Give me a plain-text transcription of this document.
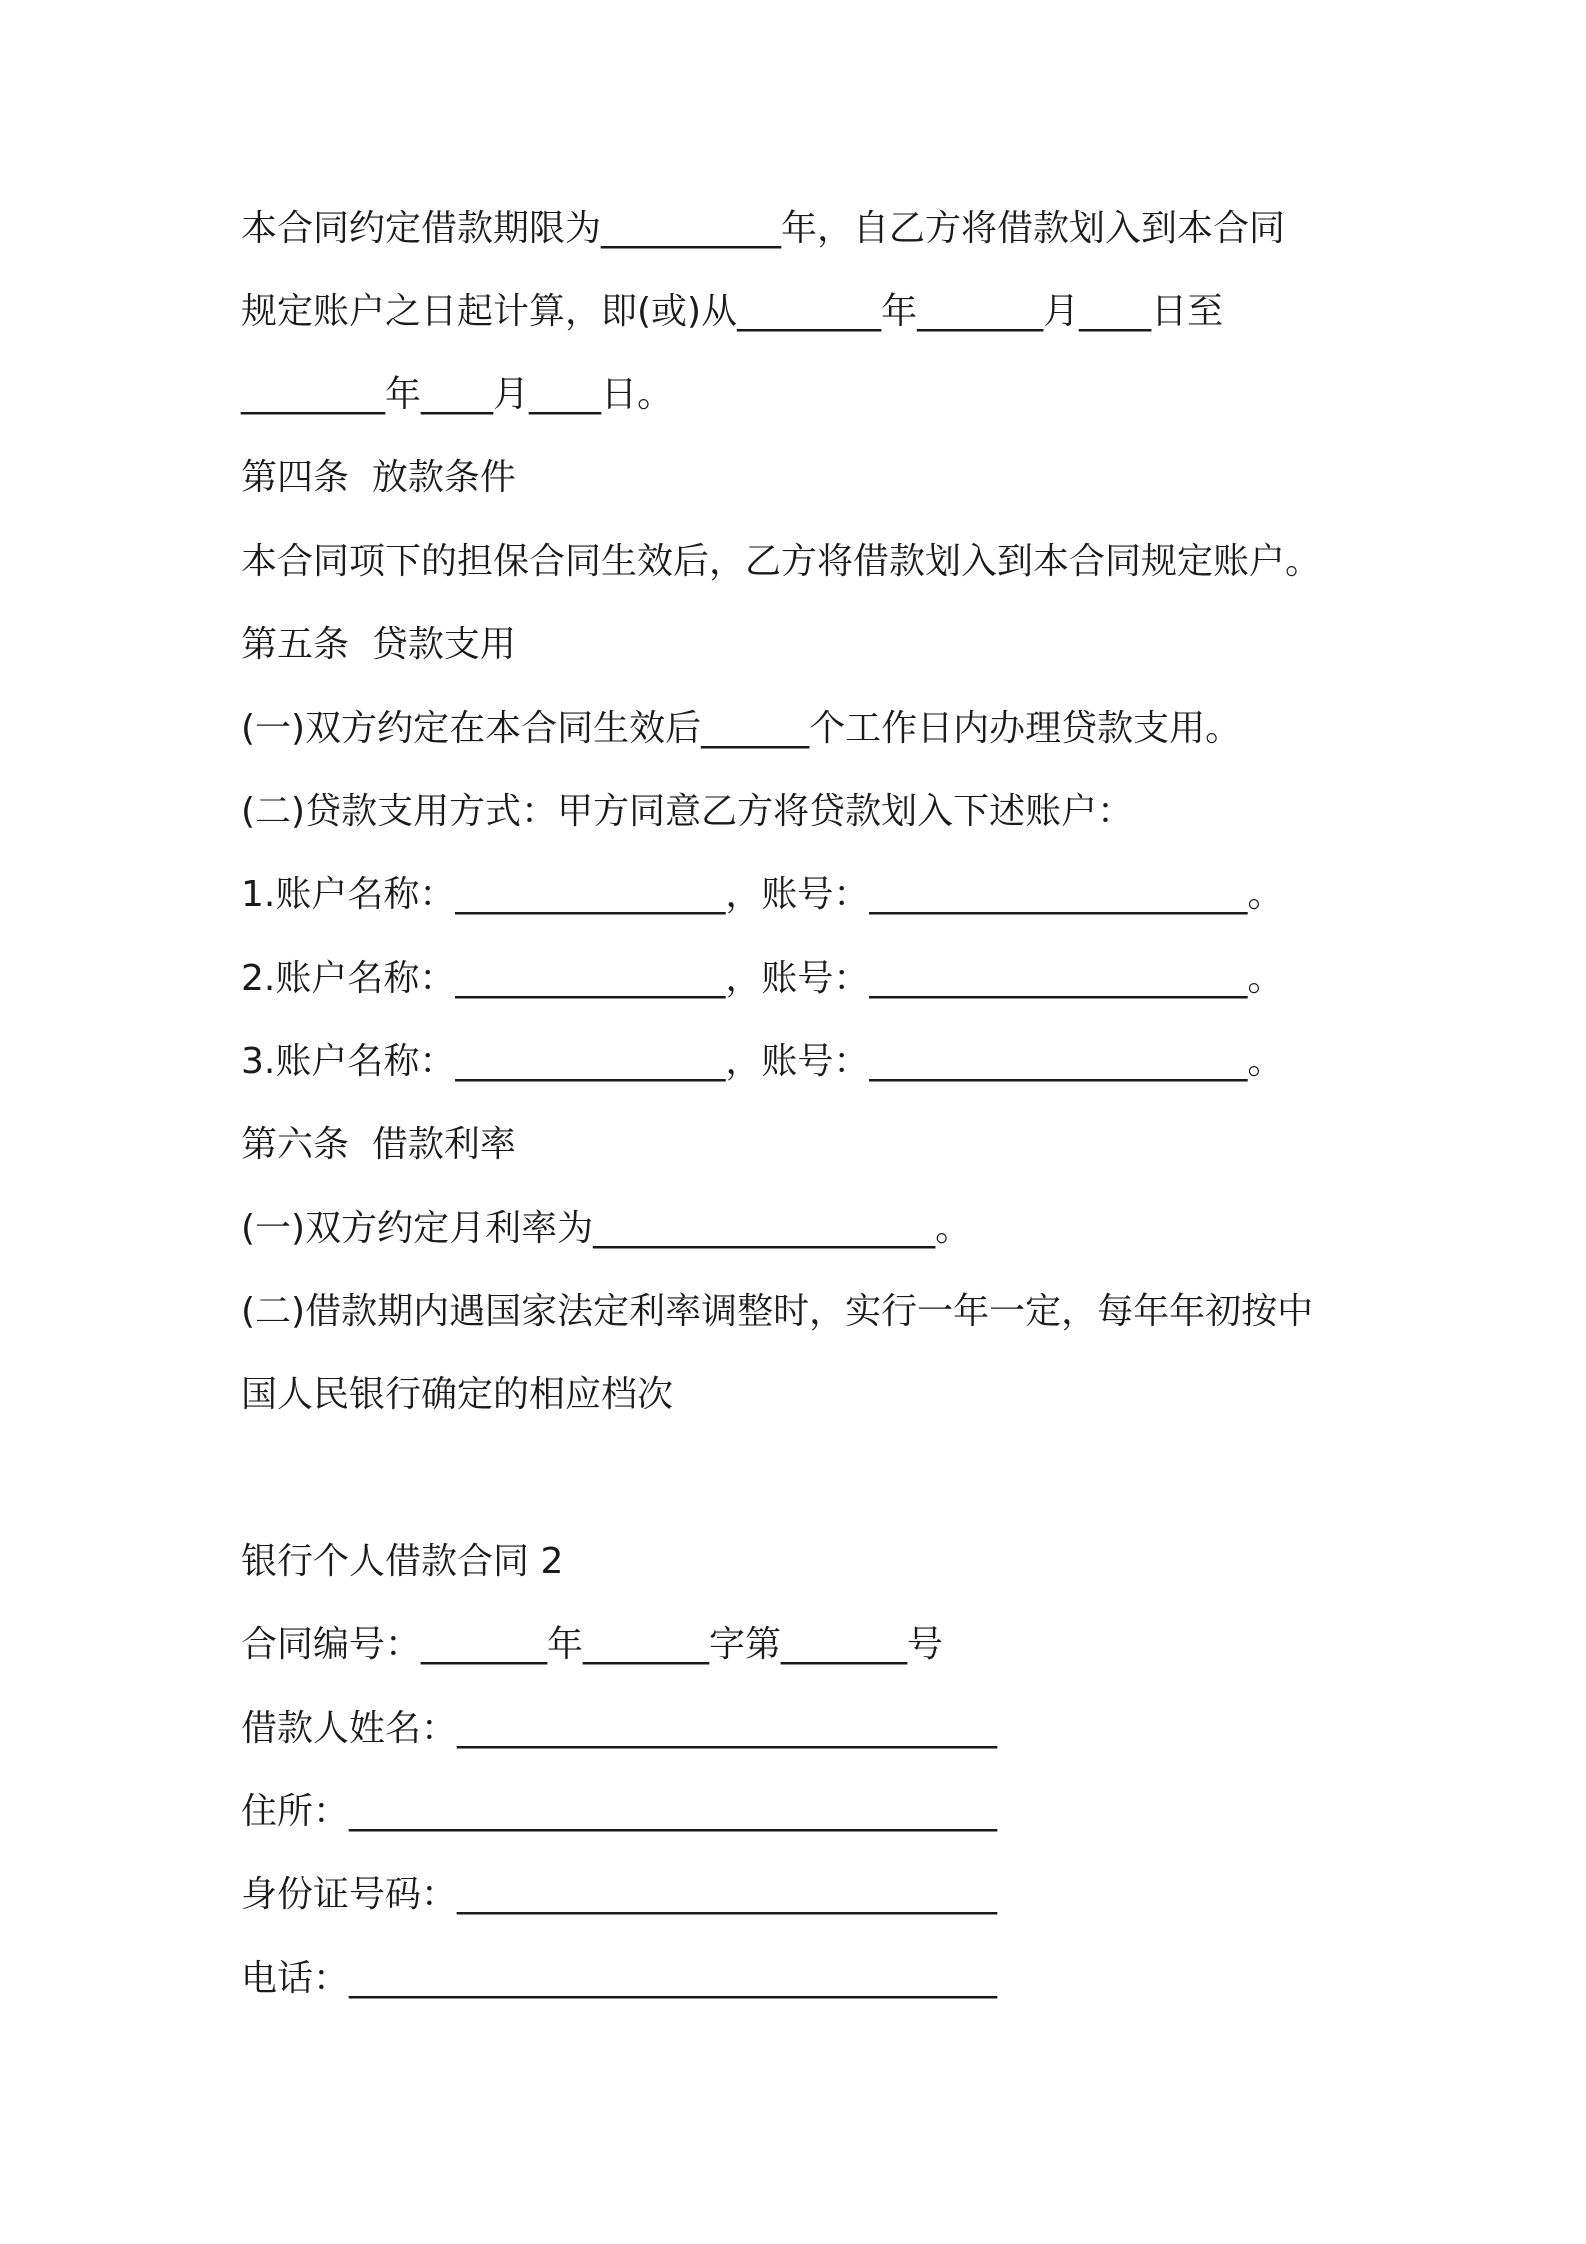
本合同约定借款期限为__________年，自乙方将借款划入到本合同
规定账户之日起计算，即(或)从________年_______月____日至
________年____月____日。
第四条  放款条件
本合同项下的担保合同生效后，乙方将借款划入到本合同规定账户。
第五条  贷款支用
(一)双方约定在本合同生效后______个工作日内办理贷款支用。
(二)贷款支用方式：甲方同意乙方将贷款划入下述账户：
1.账户名称：_______________，账号：_____________________。
2.账户名称：_______________，账号：_____________________。
3.账户名称：_______________，账号：_____________________。
第六条  借款利率
(一)双方约定月利率为___________________。
(二)借款期内遇国家法定利率调整时，实行一年一定，每年年初按中
国人民银行确定的相应档次
银行个人借款合同 2
合同编号：_______年_______字第_______号
借款人姓名：______________________________
住所：____________________________________
身份证号码：______________________________
电话：____________________________________
